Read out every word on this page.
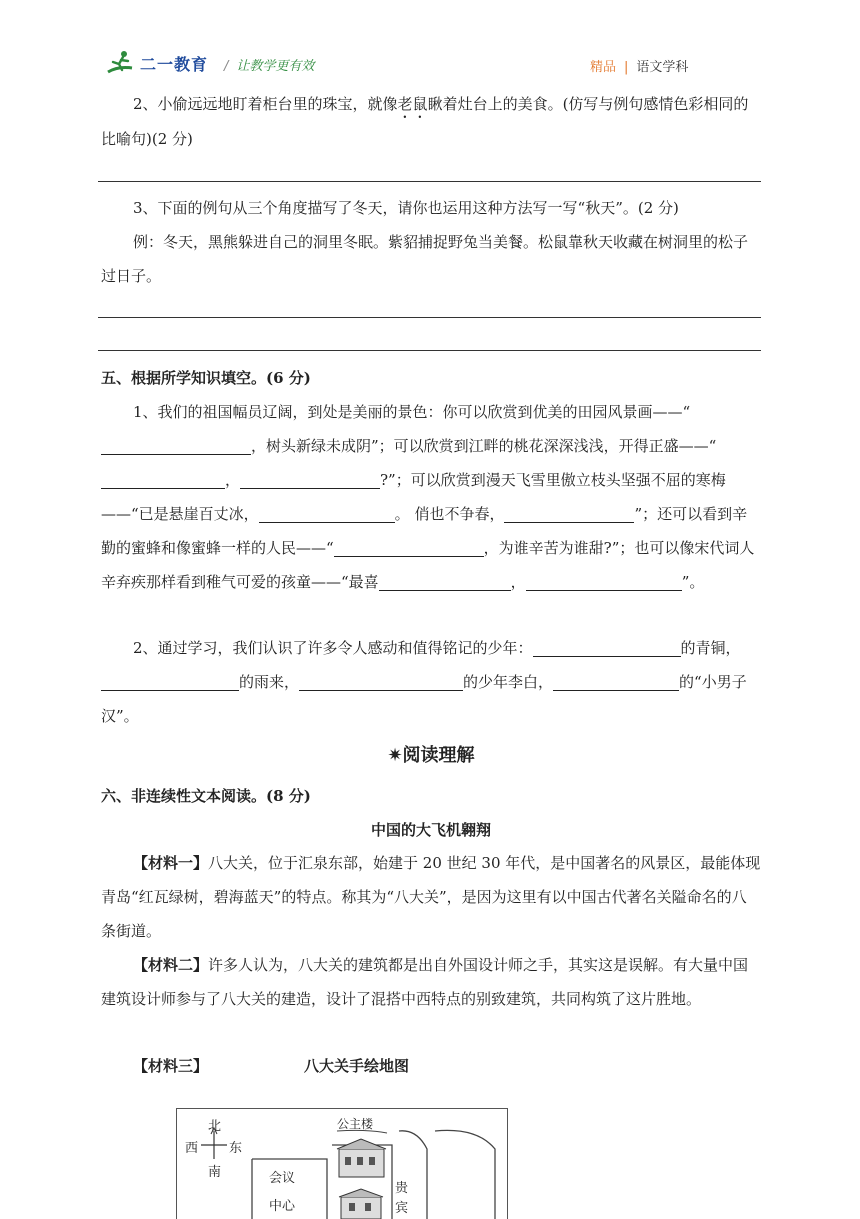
二一教育 / 让教学更有效	精品 | 语文学科
2、小偷远远地盯着柜台里的珠宝，就像老鼠瞅着灶台上的美食。(仿写与例句感情色彩相同的比喻句)(2 分)
3、下面的例句从三个角度描写了冬天，请你也运用这种方法写一写“秋天”。(2 分)
例：冬天，黑熊躲进自己的洞里冬眠。紫貂捕捉野兔当美餐。松鼠靠秋天收藏在树洞里的松子过日子。
五、根据所学知识填空。(6 分)
1、我们的祖国幅员辽阔，到处是美丽的景色：你可以欣赏到优美的田园风景画——“，树头新绿未成阴”；可以欣赏到江畔的桃花深深浅浅，开得正盛——“，	?”；可以欣赏到漫天飞雪里傲立枝头坚强不屈的寒梅——“已是悬崖百丈冰，	。 俏也不争春，	”；还可以看到辛勤的蜜蜂和像蜜蜂一样的人民——“	，为谁辛苦为谁甜?”；也可以像宋代词人辛弃疾那样看到稚气可爱的孩童——“最喜	，	”。
2、通过学习，我们认识了许多令人感动和值得铭记的少年：	的青铜，的雨来，	的少年李白，	的“小男子汉”。
✷阅读理解
六、非连续性文本阅读。(8 分)
中国的大飞机翱翔
【材料一】八大关，位于汇泉东部，始建于 20 世纪 30 年代，是中国著名的风景区，最能体现青岛“红瓦绿树，碧海蓝天”的特点。称其为“八大关”，是因为这里有以中国古代著名关隘命名的八条街道。
【材料二】许多人认为，八大关的建筑都是出自外国设计师之手，其实这是误解。有大量中国建筑设计师参与了八大关的建造，设计了混搭中西特点的别致建筑，共同构筑了这片胜地。
【材料三】	八大关手绘地图
北
南
西 东
公主楼
会议
中心
贵
宾
